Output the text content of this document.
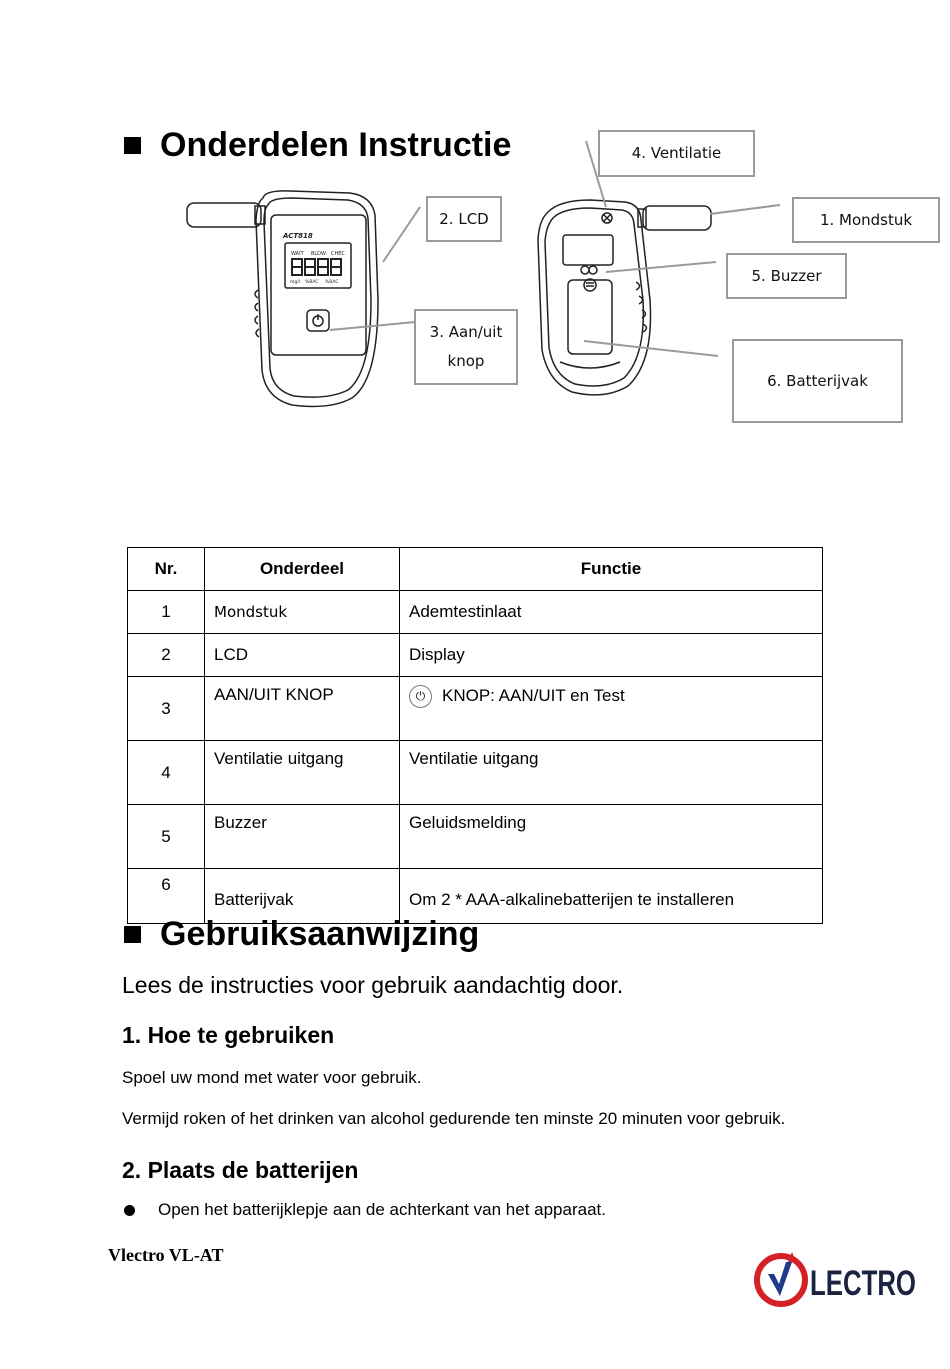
Onderdelen Instructie
ACT818
WAIT BLOW CHEC
mg/l %BAC %BAC
4. Ventilatie
2. LCD	1. Mondstuk
5. Buzzer
3. Aan/uit
knop
6. Batterijvak
Nr.	Onderdeel	Functie
1	Mondstuk	Ademtestinlaat
2	LCD	Display
3	AAN/UIT KNOP	⏻ KNOP: AAN/UIT en Test
4	Ventilatie uitgang	Ventilatie uitgang
5	Buzzer	Geluidsmelding
6	Batterijvak	Om 2 * AAA-alkalinebatterijen te installeren
Gebruiksaanwijzing
Lees de instructies voor gebruik aandachtig door.
1. Hoe te gebruiken
Spoel uw mond met water voor gebruik.
Vermijd roken of het drinken van alcohol gedurende ten minste 20 minuten voor gebruik.
2. Plaats de batterijen
Open het batterijklepje aan de achterkant van het apparaat.
Vlectro VL-AT
LECTRO
